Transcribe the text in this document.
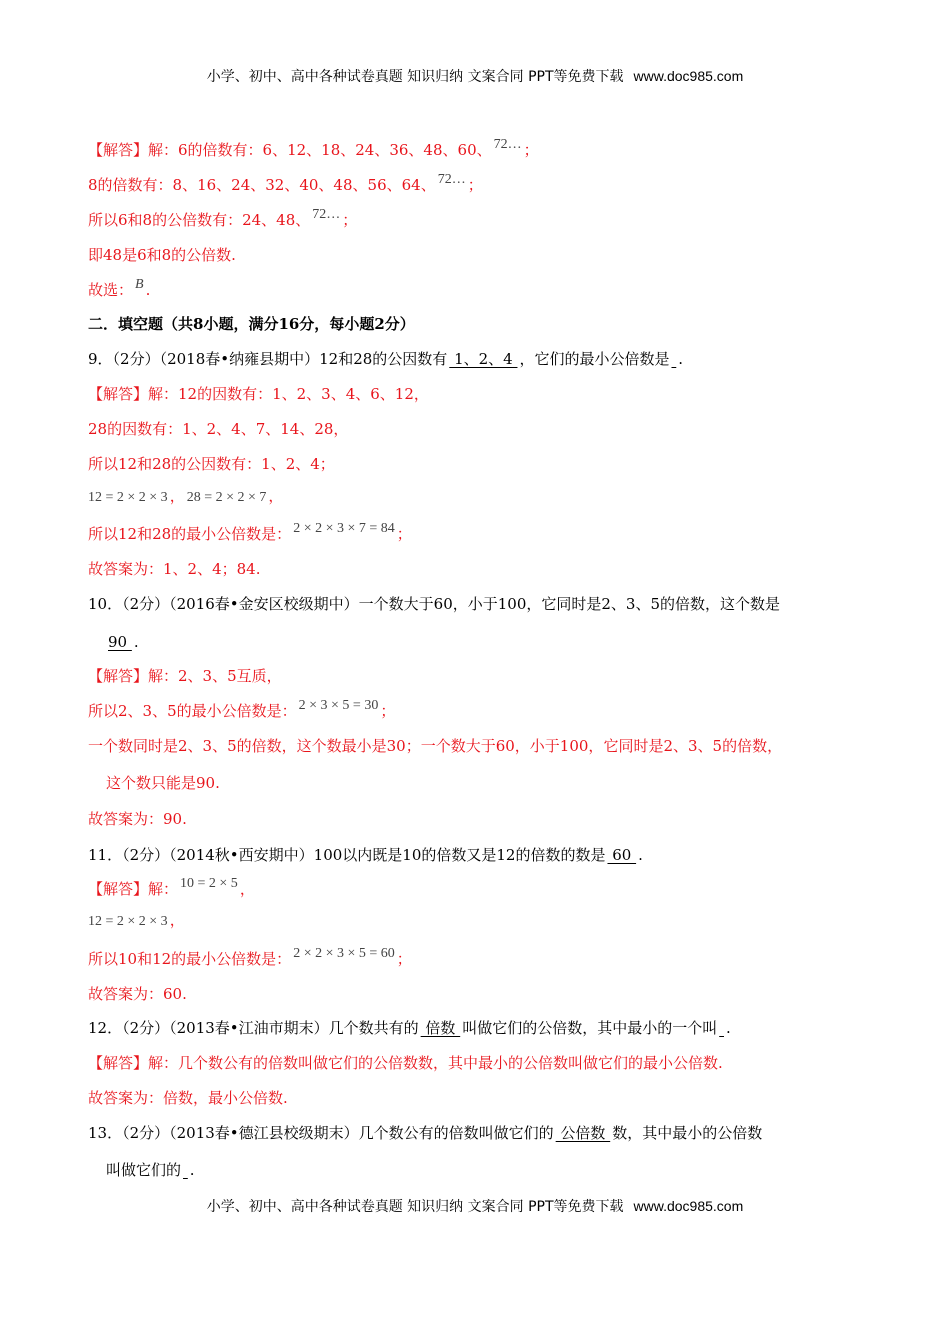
小学、初中、高中各种试卷真题 知识归纳 文案合同 PPT等免费下载 www.doc985.com
【解答】解：6的倍数有：6、12、18、24、36、48、60、 72… ；
8的倍数有：8、16、24、32、40、48、56、64、 72… ；
所以6和8的公倍数有：24、48、 72… ；
即48是6和8的公倍数.
故选： B .
二．填空题（共8小题，满分16分，每小题2分）
9．（2分）（2018春•纳雍县期中）12和28的公因数有 1、2、4 ，它们的最小公倍数是 .
【解答】解：12的因数有：1、2、3、4、6、12，
28的因数有：1、2、4、7、14、28，
所以12和28的公因数有：1、2、4；
12 = 2 × 2 × 3 ， 28 = 2 × 2 × 7 ，
所以12和28的最小公倍数是： 2 × 2 × 3 × 7 = 84 ；
故答案为：1、2、4；84.
10．（2分）（2016春•金安区校级期中）一个数大于60，小于100，它同时是2、3、5的倍数，这个数是
90 .
【解答】解：2、3、5互质，
所以2、3、5的最小公倍数是： 2 × 3 × 5 = 30 ；
一个数同时是2、3、5的倍数，这个数最小是30；一个数大于60，小于100，它同时是2、3、5的倍数，
这个数只能是90.
故答案为：90.
11．（2分）（2014秋•西安期中）100以内既是10的倍数又是12的倍数的数是 60 .
【解答】解： 10 = 2 × 5 ，
12 = 2 × 2 × 3 ，
所以10和12的最小公倍数是： 2 × 2 × 3 × 5 = 60 ；
故答案为：60.
12．（2分）（2013春•江油市期末）几个数共有的 倍数 叫做它们的公倍数，其中最小的一个叫 .
【解答】解：几个数公有的倍数叫做它们的公倍数数，其中最小的公倍数叫做它们的最小公倍数.
故答案为：倍数，最小公倍数.
13．（2分）（2013春•德江县校级期末）几个数公有的倍数叫做它们的 公倍数 数，其中最小的公倍数
叫做它们的 .
小学、初中、高中各种试卷真题 知识归纳 文案合同 PPT等免费下载 www.doc985.com
